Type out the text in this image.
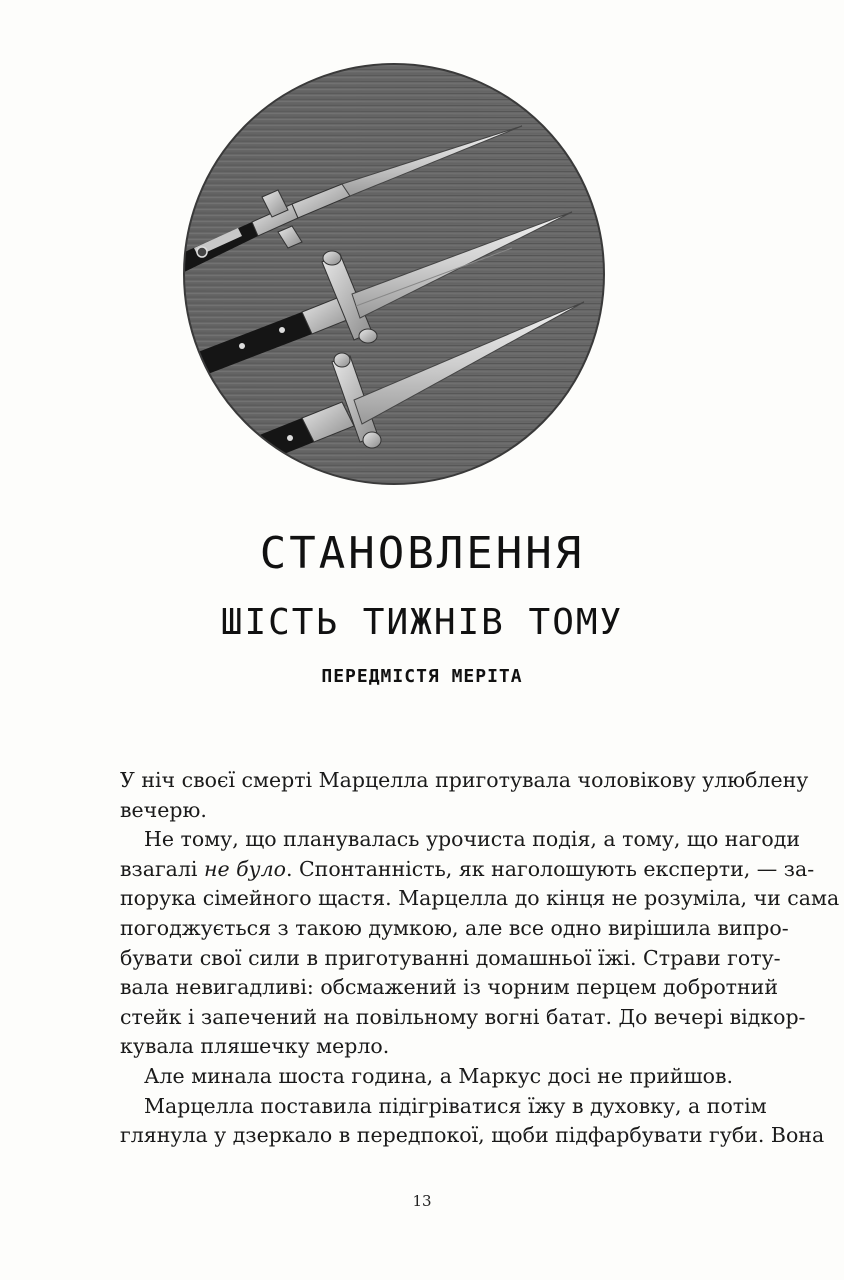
СТАНОВЛЕННЯ
ШІСТЬ ТИЖНІВ ТОМУ
ПЕРЕДМІСТЯ МЕРІТА
У ніч своєї смерті Марцелла приготувала чоловікову улюблену
вечерю.
Не тому, що планувалась урочиста подія, а тому, що нагоди
взагалі не було. Спонтанність, як наголошують експерти, — за-
порука сімейного щастя. Марцелла до кінця не розуміла, чи сама
погоджується з такою думкою, але все одно вирішила випро-
бувати свої сили в приготуванні домашньої їжі. Страви готу-
вала невигадливі: обсмажений із чорним перцем добротний
стейк і запечений на повільному вогні батат. До вечері відкор-
кувала пляшечку мерло.
Але минала шоста година, а Маркус досі не прийшов.
Марцелла поставила підігріватися їжу в духовку, а потім
глянула у дзеркало в передпокої, щоби підфарбувати губи. Вона
13
